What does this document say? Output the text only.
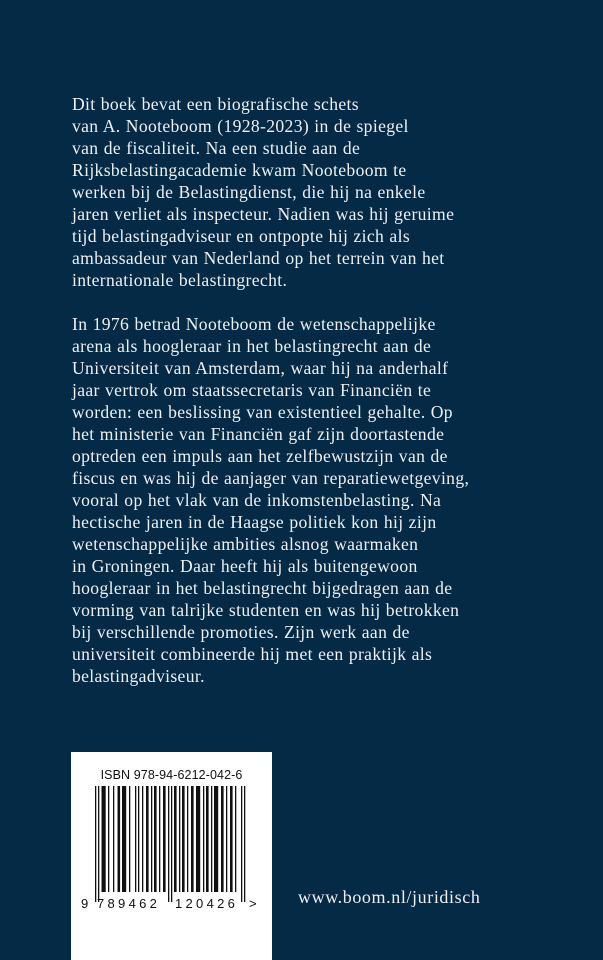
Dit boek bevat een biografische schets
van A. Nooteboom (1928-2023) in de spiegel
van de fiscaliteit. Na een studie aan de
Rijksbelastingacademie kwam Nooteboom te
werken bij de Belastingdienst, die hij na enkele
jaren verliet als inspecteur. Nadien was hij geruime
tijd belastingadviseur en ontpopte hij zich als
ambassadeur van Nederland op het terrein van het
internationale belastingrecht.

In 1976 betrad Nooteboom de wetenschappelijke
arena als hoogleraar in het belastingrecht aan de
Universiteit van Amsterdam, waar hij na anderhalf
jaar vertrok om staatssecretaris van Financiën te
worden: een beslissing van existentieel gehalte. Op
het ministerie van Financiën gaf zijn doortastende
optreden een impuls aan het zelfbewustzijn van de
fiscus en was hij de aanjager van reparatiewetgeving,
vooral op het vlak van de inkomstenbelasting. Na
hectische jaren in de Haagse politiek kon hij zijn
wetenschappelijke ambities alsnog waarmaken
in Groningen. Daar heeft hij als buitengewoon
hoogleraar in het belastingrecht bijgedragen aan de
vorming van talrijke studenten en was hij betrokken
bij verschillende promoties. Zijn werk aan de
universiteit combineerde hij met een praktijk als
belastingadviseur.

ISBN 978-94-6212-042-6
9 789462 120426 > www.boom.nl/juridisch
